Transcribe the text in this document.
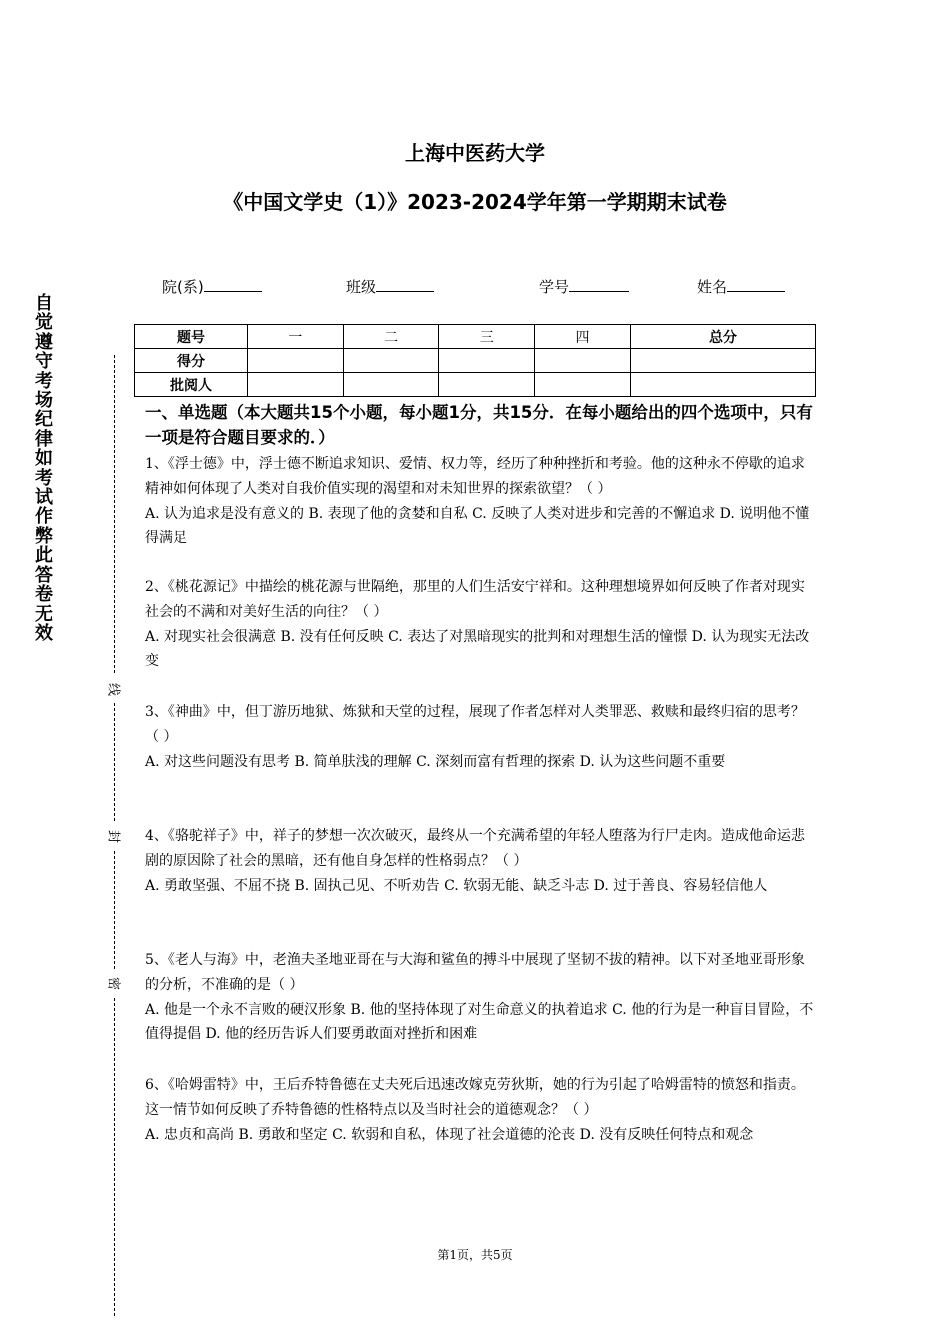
上海中医药大学
《中国文学史（1）》2023-2024学年第一学期期末试卷
院(系)	班级	学号	姓名
题号	一	二	三	四	总分
得分					
批阅人					
自
觉
遵
守
考
场
纪
律
如
考
试
作
弊
此
答
卷
无
效
线
封
密
一、单选题（本大题共15个小题，每小题1分，共15分．在每小题给出的四个选项中，只有一项是符合题目要求的．）

1、《浮士德》中，浮士德不断追求知识、爱情、权力等，经历了种种挫折和考验。他的这种永不停歇的追求精神如何体现了人类对自我价值实现的渴望和对未知世界的探索欲望？（ ）

A. 认为追求是没有意义的 B. 表现了他的贪婪和自私 C. 反映了人类对进步和完善的不懈追求 D. 说明他不懂得满足

2、《桃花源记》中描绘的桃花源与世隔绝，那里的人们生活安宁祥和。这种理想境界如何反映了作者对现实社会的不满和对美好生活的向往？（ ）

A. 对现实社会很满意 B. 没有任何反映 C. 表达了对黑暗现实的批判和对理想生活的憧憬 D. 认为现实无法改变

3、《神曲》中，但丁游历地狱、炼狱和天堂的过程，展现了作者怎样对人类罪恶、救赎和最终归宿的思考？（ ）

A. 对这些问题没有思考 B. 简单肤浅的理解 C. 深刻而富有哲理的探索 D. 认为这些问题不重要

4、《骆驼祥子》中，祥子的梦想一次次破灭，最终从一个充满希望的年轻人堕落为行尸走肉。造成他命运悲剧的原因除了社会的黑暗，还有他自身怎样的性格弱点？（ ）

A. 勇敢坚强、不屈不挠 B. 固执己见、不听劝告 C. 软弱无能、缺乏斗志 D. 过于善良、容易轻信他人

5、《老人与海》中，老渔夫圣地亚哥在与大海和鲨鱼的搏斗中展现了坚韧不拔的精神。以下对圣地亚哥形象的分析，不准确的是（ ）

A. 他是一个永不言败的硬汉形象 B. 他的坚持体现了对生命意义的执着追求 C. 他的行为是一种盲目冒险，不值得提倡 D. 他的经历告诉人们要勇敢面对挫折和困难

6、《哈姆雷特》中，王后乔特鲁德在丈夫死后迅速改嫁克劳狄斯，她的行为引起了哈姆雷特的愤怒和指责。这一情节如何反映了乔特鲁德的性格特点以及当时社会的道德观念？（ ）

A. 忠贞和高尚 B. 勇敢和坚定 C. 软弱和自私，体现了社会道德的沦丧 D. 没有反映任何特点和观念

第1页，共5页
